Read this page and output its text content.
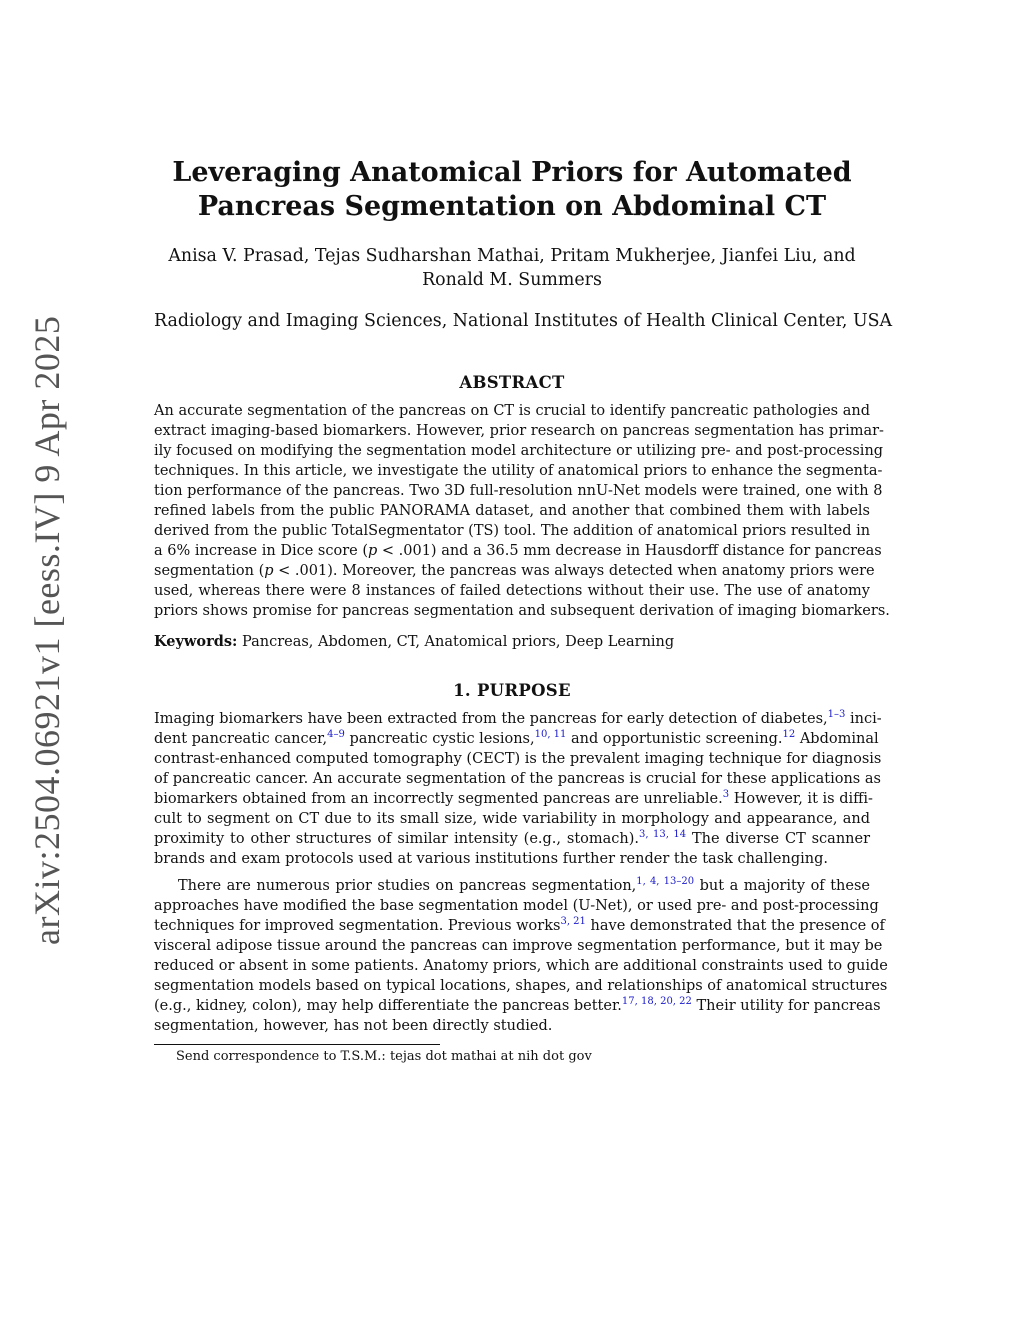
arXiv:2504.06921v1 [eess.IV] 9 Apr 2025
Leveraging Anatomical Priors for Automated
Pancreas Segmentation on Abdominal CT
Anisa V. Prasad, Tejas Sudharshan Mathai, Pritam Mukherjee, Jianfei Liu, and
Ronald M. Summers
Radiology and Imaging Sciences, National Institutes of Health Clinical Center, USA
ABSTRACT
An accurate segmentation of the pancreas on CT is crucial to identify pancreatic pathologies and
extract imaging-based biomarkers. However, prior research on pancreas segmentation has primar-
ily focused on modifying the segmentation model architecture or utilizing pre- and post-processing
techniques. In this article, we investigate the utility of anatomical priors to enhance the segmenta-
tion performance of the pancreas. Two 3D full-resolution nnU-Net models were trained, one with 8
refined labels from the public PANORAMA dataset, and another that combined them with labels
derived from the public TotalSegmentator (TS) tool. The addition of anatomical priors resulted in
a 6% increase in Dice score (p < .001) and a 36.5 mm decrease in Hausdorff distance for pancreas
segmentation (p < .001). Moreover, the pancreas was always detected when anatomy priors were
used, whereas there were 8 instances of failed detections without their use. The use of anatomy
priors shows promise for pancreas segmentation and subsequent derivation of imaging biomarkers.
Keywords: Pancreas, Abdomen, CT, Anatomical priors, Deep Learning
1. PURPOSE
Imaging biomarkers have been extracted from the pancreas for early detection of diabetes,$^{1-3}$ inci-
dent pancreatic cancer,$^{4-9}$ pancreatic cystic lesions,$^{10, 11}$ and opportunistic screening.$^{12}$ Abdominal
contrast-enhanced computed tomography (CECT) is the prevalent imaging technique for diagnosis
of pancreatic cancer. An accurate segmentation of the pancreas is crucial for these applications as
biomarkers obtained from an incorrectly segmented pancreas are unreliable.$^3$ However, it is diffi-
cult to segment on CT due to its small size, wide variability in morphology and appearance, and
proximity to other structures of similar intensity (e.g., stomach).$^{3, 13, 14}$ The diverse CT scanner
brands and exam protocols used at various institutions further render the task challenging.
There are numerous prior studies on pancreas segmentation,$^{1, 4, 13-20}$ but a majority of these
approaches have modified the base segmentation model (U-Net), or used pre- and post-processing
techniques for improved segmentation. Previous works$^{3, 21}$ have demonstrated that the presence of
visceral adipose tissue around the pancreas can improve segmentation performance, but it may be
reduced or absent in some patients. Anatomy priors, which are additional constraints used to guide
segmentation models based on typical locations, shapes, and relationships of anatomical structures
(e.g., kidney, colon), may help differentiate the pancreas better.$^{17, 18, 20, 22}$ Their utility for pancreas
segmentation, however, has not been directly studied.
Send correspondence to T.S.M.: tejas dot mathai at nih dot gov
